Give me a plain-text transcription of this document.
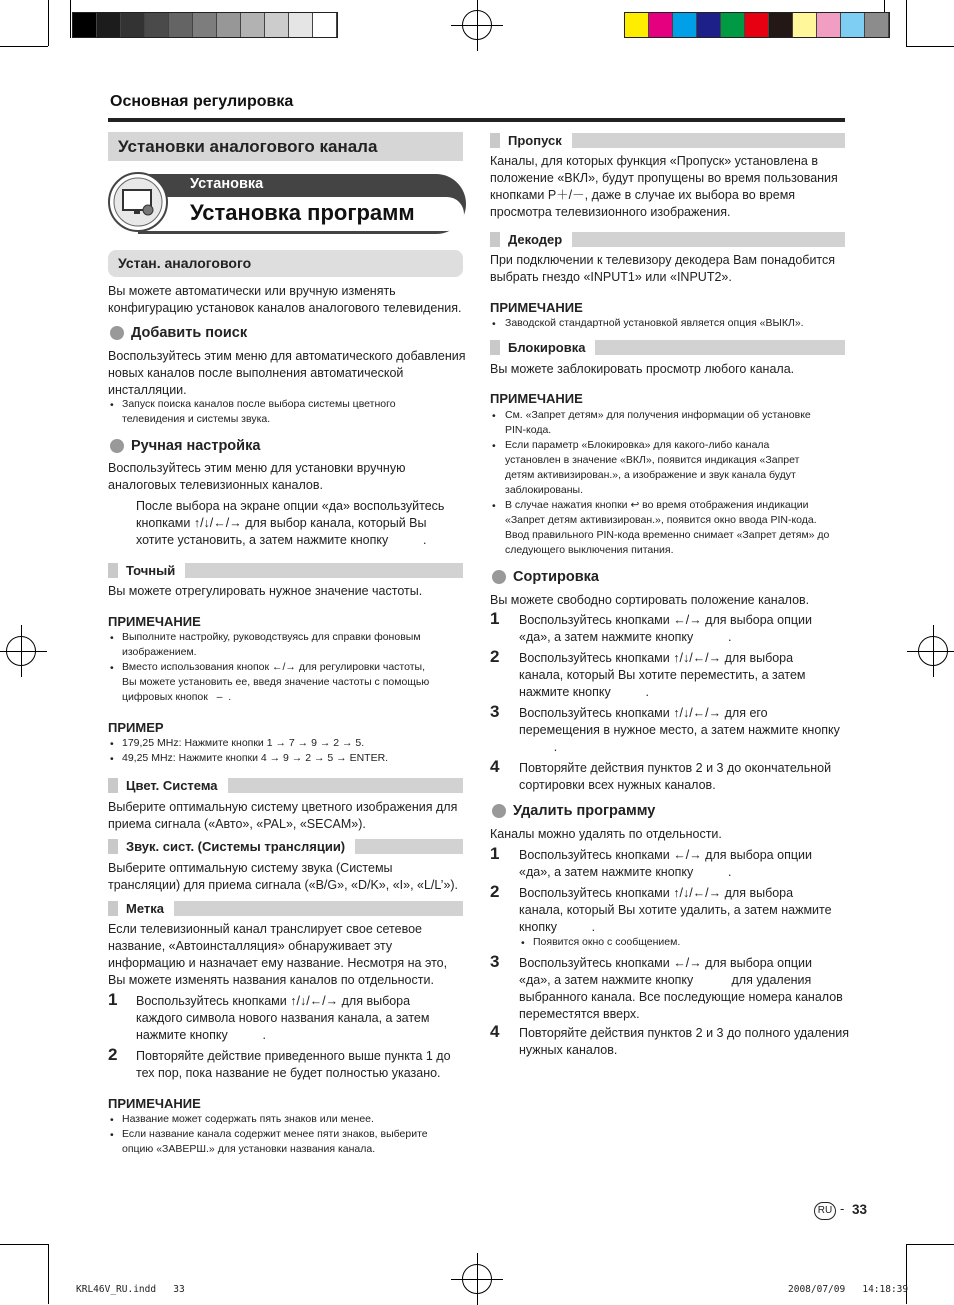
Основная регулировка
Установки аналогового канала
Установка
Установка программ
Устан. аналогового
Вы можете автоматически или вручную изменять
конфигурацию установок каналов аналогового телевидения.
Добавить поиск
Воспользуйтесь этим меню для автоматического добавления
новых каналов после выполнения автоматической
инсталляции.
• Запуск поиска каналов после выбора системы цветного
телевидения и системы звука.
Ручная настройка
Воспользуйтесь этим меню для установки вручную
аналоговых телевизионных каналов.
После выбора на экране опции «да» воспользуйтесь
кнопками ↑/↓/←/→ для выбор канала, который Вы
хотите установить, а затем нажмите кнопку          .
Точный
Вы можете отрегулировать нужное значение частоты.
ПРИМЕЧАНИЕ
• Выполните настройку, руководствуясь для справки фоновым
изображением.
• Вместо использования кнопок ←/→ для регулировки частоты,
Вы можете установить ее, введя значение частоты с помощью
цифровых кнопок   –  .
ПРИМЕР
• 179,25 MHz: Нажмите кнопки 1 → 7 → 9 → 2 → 5.
• 49,25 MHz: Нажмите кнопки 4 → 9 → 2 → 5 → ENTER.
Цвет. Система
Выберите оптимальную систему цветного изображения для
приема сигнала («Авто», «PAL», «SECAM»).
Звук. сист. (Системы трансляции)
Выберите оптимальную систему звука (Системы
трансляции) для приема сигнала («B/G», «D/K», «I», «L/L’»).
Метка
Если телевизионный канал транслирует свое сетевое
название, «Автоинсталляция» обнаруживает эту
информацию и назначает ему название. Несмотря на это,
Вы можете изменять названия каналов по отдельности.
1 Воспользуйтесь кнопками ↑/↓/←/→ для выбора
каждого символа нового названия канала, а затем
нажмите кнопку          .
2 Повторяйте действие приведенного выше пункта 1 до
тех пор, пока название не будет полностью указано.
ПРИМЕЧАНИЕ
• Название может содержать пять знаков или менее.
• Если название канала содержит менее пяти знаков, выберите
опцию «ЗАВЕРШ.» для установки названия канала.
Пропуск
Каналы, для которых функция «Пропуск» установлена в
положение «ВКЛ», будут пропущены во время пользования
кнопками P＋/－, даже в случае их выбора во время
просмотра телевизионного изображения.
Декодер
При подключении к телевизору декодера Вам понадобится
выбрать гнездо «INPUT1» или «INPUT2».
ПРИМЕЧАНИЕ
• Заводской стандартной установкой является опция «ВЫКЛ».
Блокировка
Вы можете заблокировать просмотр любого канала.
ПРИМЕЧАНИЕ
• См. «Запрет детям» для получения информации об установке
PIN-кода.
• Если параметр «Блокировка» для какого-либо канала
установлен в значение «ВКЛ», появится индикация «Запрет
детям активизирован.», а изображение и звук канала будут
заблокированы.
• В случае нажатия кнопки ↩ во время отображения индикации
«Запрет детям активизирован.», появится окно ввода PIN-кода.
Ввод правильного PIN-кода временно снимает «Запрет детям» до
следующего выключения питания.
Сортировка
Вы можете свободно сортировать положение каналов.
1 Воспользуйтесь кнопками ←/→ для выбора опции
«да», а затем нажмите кнопку          .
2 Воспользуйтесь кнопками ↑/↓/←/→ для выбора
канала, который Вы хотите переместить, а затем
нажмите кнопку          .
3 Воспользуйтесь кнопками ↑/↓/←/→ для его
перемещения в нужное место, а затем нажмите кнопку
.
4 Повторяйте действия пунктов 2 и 3 до окончательной
сортировки всех нужных каналов.
Удалить программу
Каналы можно удалять по отдельности.
1 Воспользуйтесь кнопками ←/→ для выбора опции
«да», а затем нажмите кнопку          .
2 Воспользуйтесь кнопками ↑/↓/←/→ для выбора
канала, который Вы хотите удалить, а затем нажмите
кнопку          .
• Появится окно с сообщением.
3 Воспользуйтесь кнопками ←/→ для выбора опции
«да», а затем нажмите кнопку           для удаления
выбранного канала. Все последующие номера каналов
переместятся вверх.
4 Повторяйте действия пунктов 2 и 3 до полного удаления
нужных каналов.
RU - 33
KRL46V_RU.indd   33	2008/07/09   14:18:39
